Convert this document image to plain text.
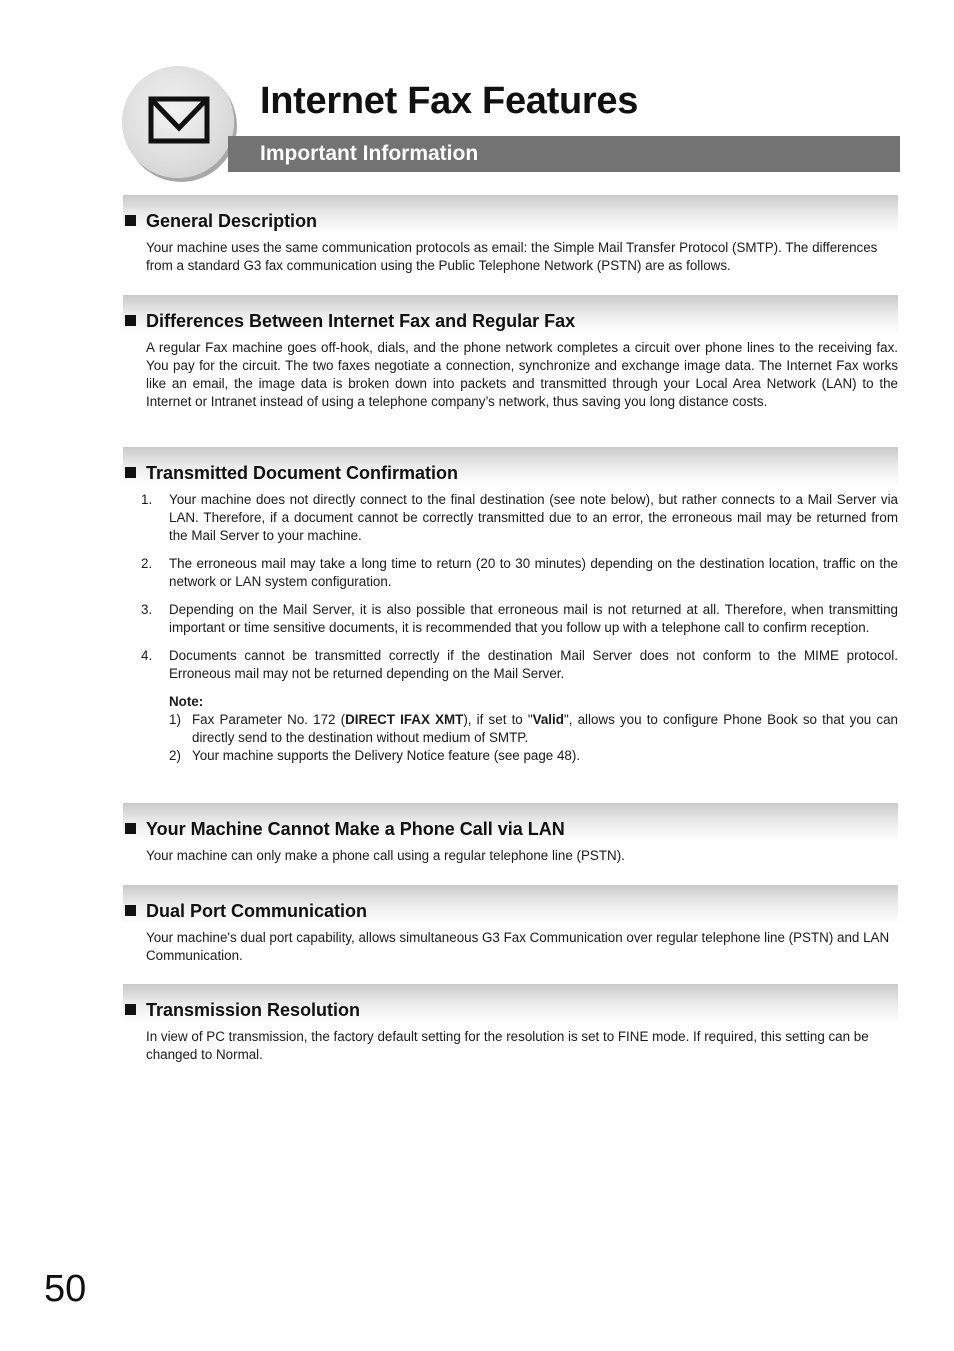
Internet Fax Features

Important Information

General Description

Your machine uses the same communication protocols as email: the Simple Mail Transfer Protocol (SMTP). The differences from a standard G3 fax communication using the Public Telephone Network (PSTN) are as follows.

Differences Between Internet Fax and Regular Fax

A regular Fax machine goes off-hook, dials, and the phone network completes a circuit over phone lines to the receiving fax. You pay for the circuit. The two faxes negotiate a connection, synchronize and exchange image data. The Internet Fax works like an email, the image data is broken down into packets and transmitted through your Local Area Network (LAN) to the Internet or Intranet instead of using a telephone company’s network, thus saving you long distance costs.

Transmitted Document Confirmation
1. Your machine does not directly connect to the final destination (see note below), but rather connects to a Mail Server via LAN. Therefore, if a document cannot be correctly transmitted due to an error, the erroneous mail may be returned from the Mail Server to your machine.
2. The erroneous mail may take a long time to return (20 to 30 minutes) depending on the destination location, traffic on the network or LAN system configuration.
3. Depending on the Mail Server, it is also possible that erroneous mail is not returned at all. Therefore, when transmitting important or time sensitive documents, it is recommended that you follow up with a telephone call to confirm reception.
4. Documents cannot be transmitted correctly if the destination Mail Server does not conform to the MIME protocol. Erroneous mail may not be returned depending on the Mail Server.
Note:
1) Fax Parameter No. 172 (DIRECT IFAX XMT), if set to "Valid", allows you to configure Phone Book so that you can directly send to the destination without medium of SMTP.
2) Your machine supports the Delivery Notice feature (see page 48).
Your Machine Cannot Make a Phone Call via LAN

Your machine can only make a phone call using a regular telephone line (PSTN).

Dual Port Communication

Your machine's dual port capability, allows simultaneous G3 Fax Communication over regular telephone line (PSTN) and LAN Communication.

Transmission Resolution

In view of PC transmission, the factory default setting for the resolution is set to FINE mode. If required, this setting can be changed to Normal.

50
